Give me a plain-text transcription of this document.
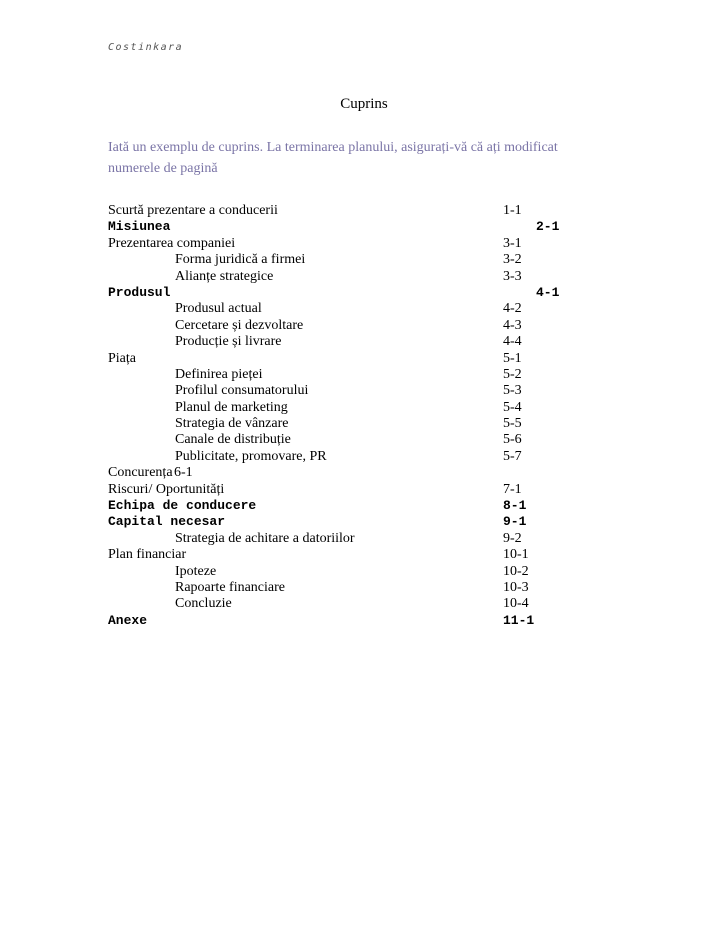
Costinkara
Cuprins
Iată un exemplu de cuprins. La terminarea planului, asigurați-vă că ați modificat numerele de pagină
Scurtă prezentare a conducerii	1-1
Misiunea	2-1
Prezentarea companiei	3-1
Forma juridică a firmei	3-2
Alianțe strategice	3-3
Produsul	4-1
Produsul actual	4-2
Cercetare și dezvoltare	4-3
Producție și livrare	4-4
Piața	5-1
Definirea pieței	5-2
Profilul consumatorului	5-3
Planul de marketing	5-4
Strategia de vânzare	5-5
Canale de distribuție	5-6
Publicitate, promovare, PR	5-7
Concurența 6-1
Riscuri/ Oportunități	7-1
Echipa de conducere	8-1
Capital necesar	9-1
Strategia de achitare a datoriilor	9-2
Plan financiar	10-1
Ipoteze	10-2
Rapoarte financiare	10-3
Concluzie	10-4
Anexe	11-1
